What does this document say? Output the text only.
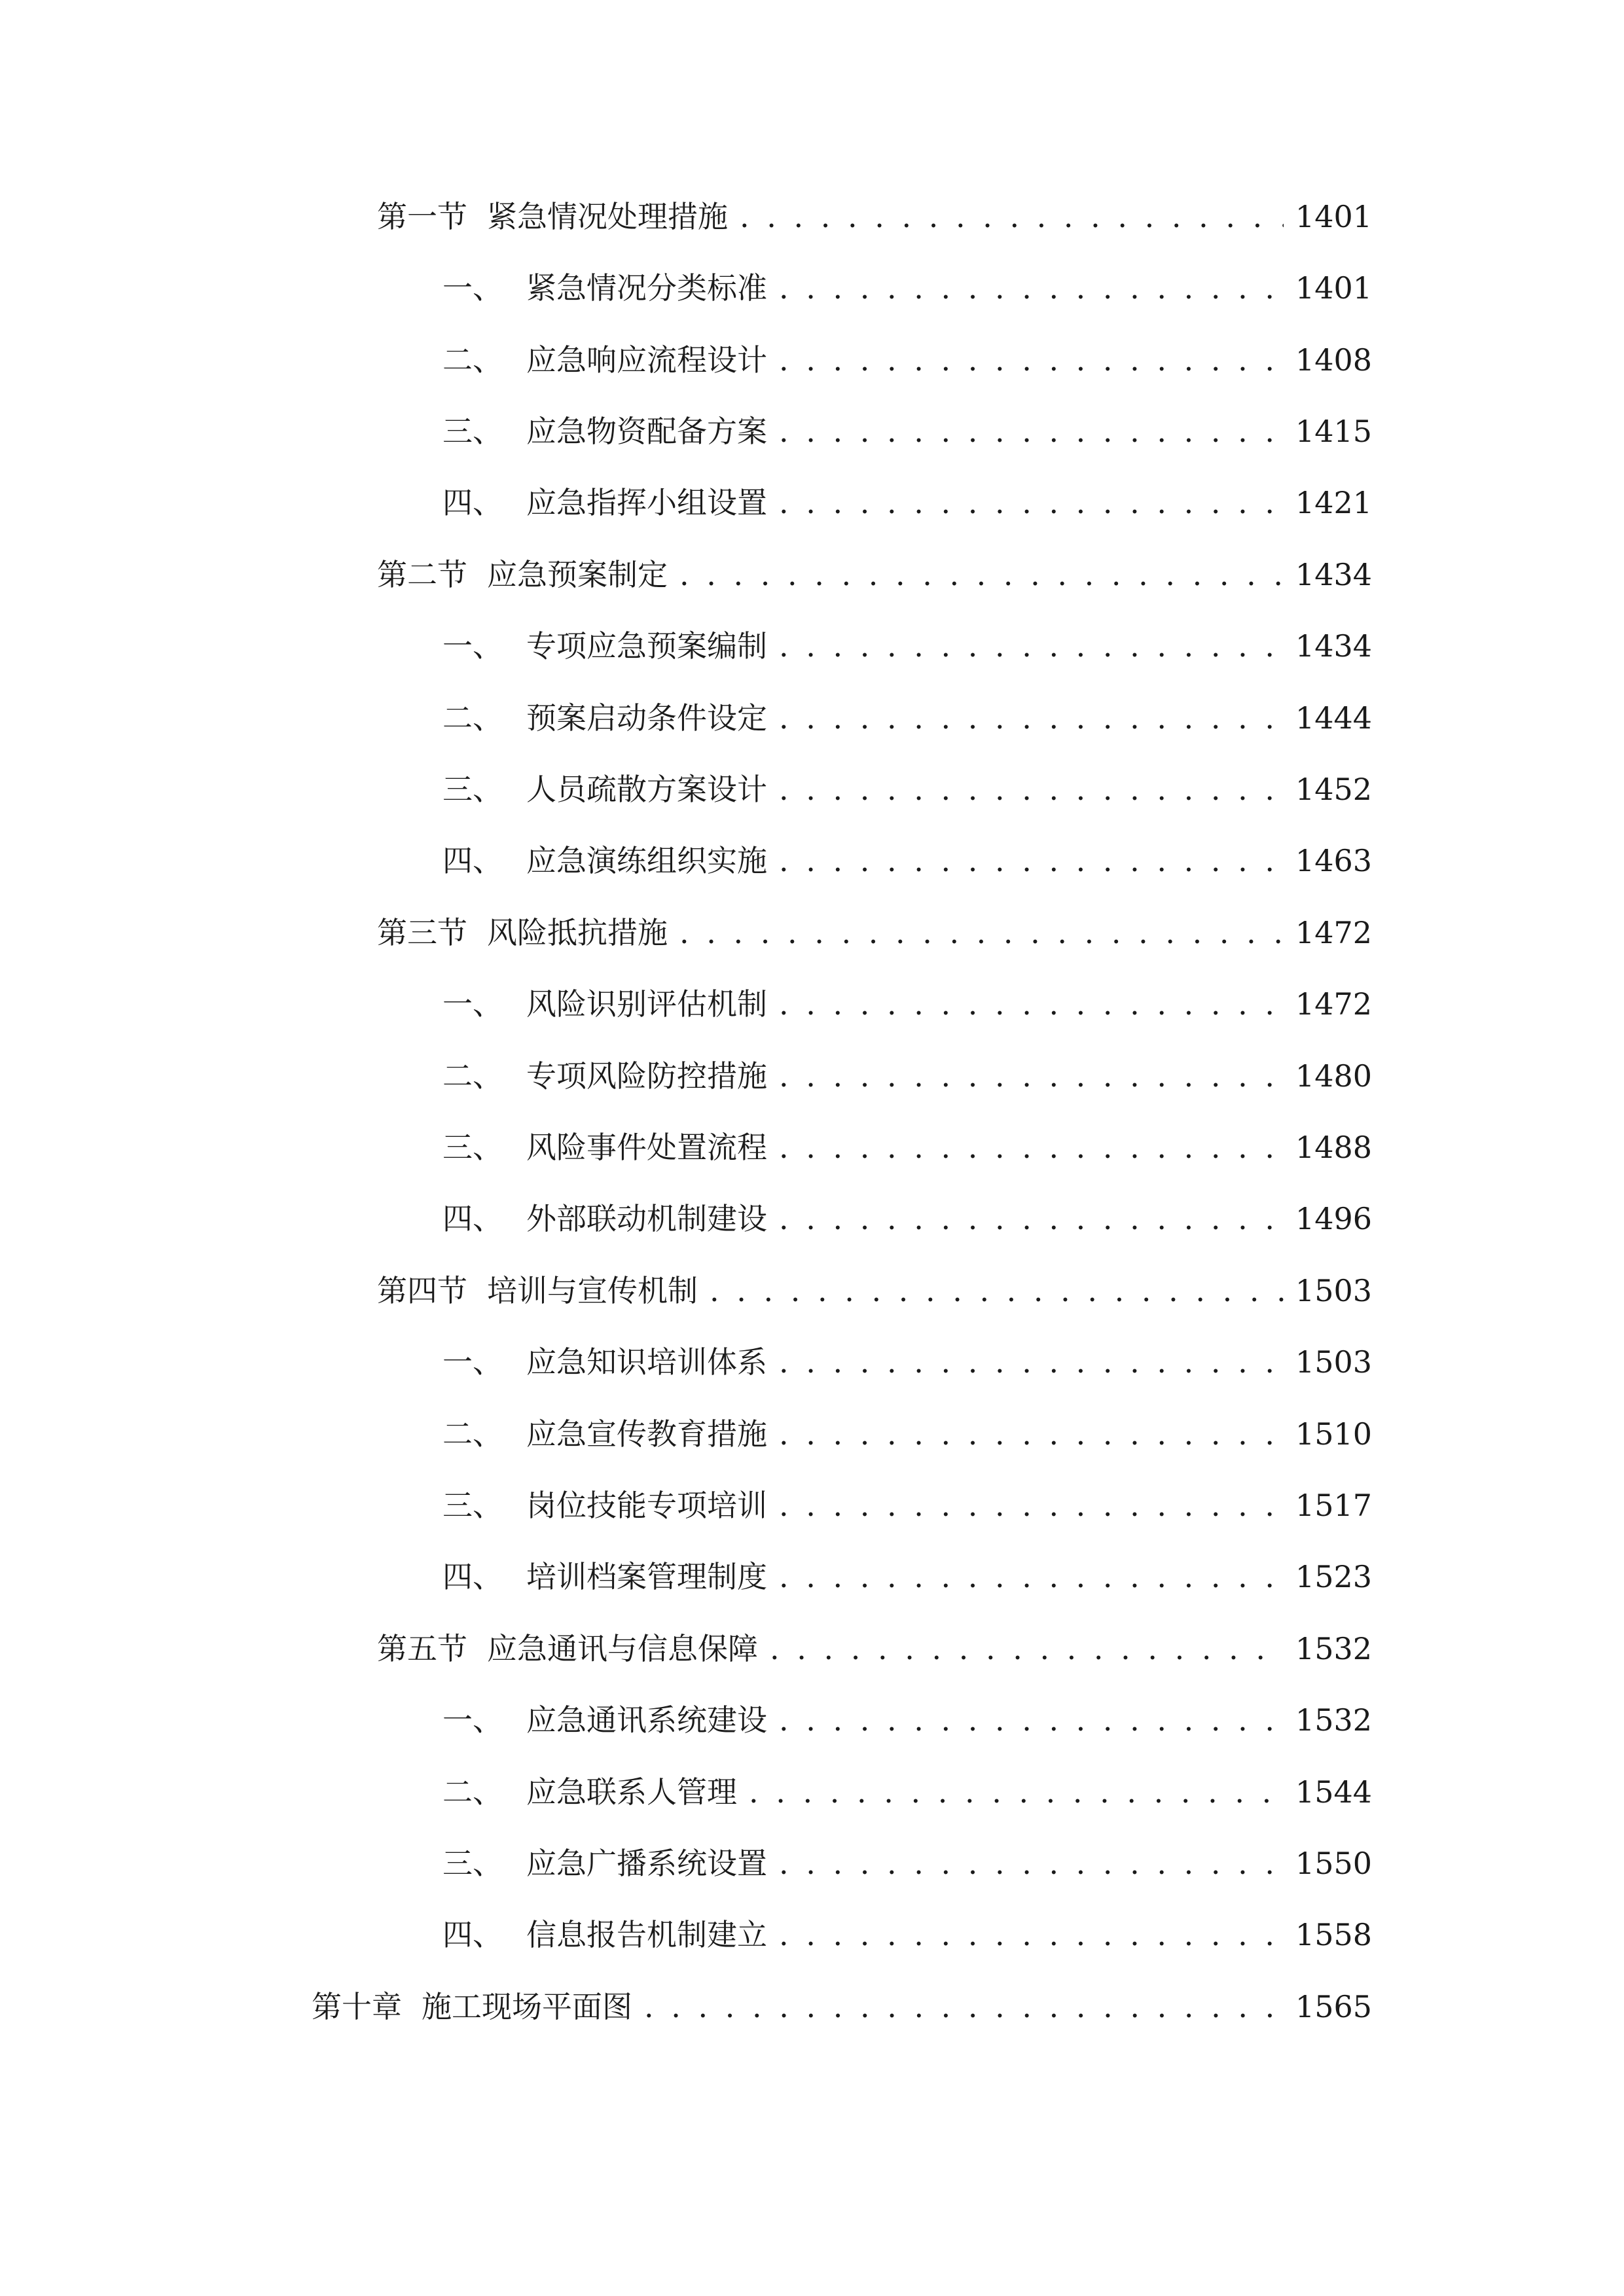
第一节 紧急情况处理措施 . . .	1401
一、 紧急情况分类标准 . . .	1401
二、 应急响应流程设计 . . .	1408
三、 应急物资配备方案 . . .	1415
四、 应急指挥小组设置 . . .	1421
第二节 应急预案制定 . . .	1434
一、 专项应急预案编制 . . .	1434
二、 预案启动条件设定 . . .	1444
三、 人员疏散方案设计 . . .	1452
四、 应急演练组织实施 . . .	1463
第三节 风险抵抗措施 . . .	1472
一、 风险识别评估机制 . . .	1472
二、 专项风险防控措施 . . .	1480
三、 风险事件处置流程 . . .	1488
四、 外部联动机制建设 . . .	1496
第四节 培训与宣传机制 . . .	1503
一、 应急知识培训体系 . . .	1503
二、 应急宣传教育措施 . . .	1510
三、 岗位技能专项培训 . . .	1517
四、 培训档案管理制度 . . .	1523
第五节 应急通讯与信息保障 . . .	1532
一、 应急通讯系统建设 . . .	1532
二、 应急联系人管理 . . .	1544
三、 应急广播系统设置 . . .	1550
四、 信息报告机制建立 . . .	1558
第十章 施工现场平面图 . . .	1565
